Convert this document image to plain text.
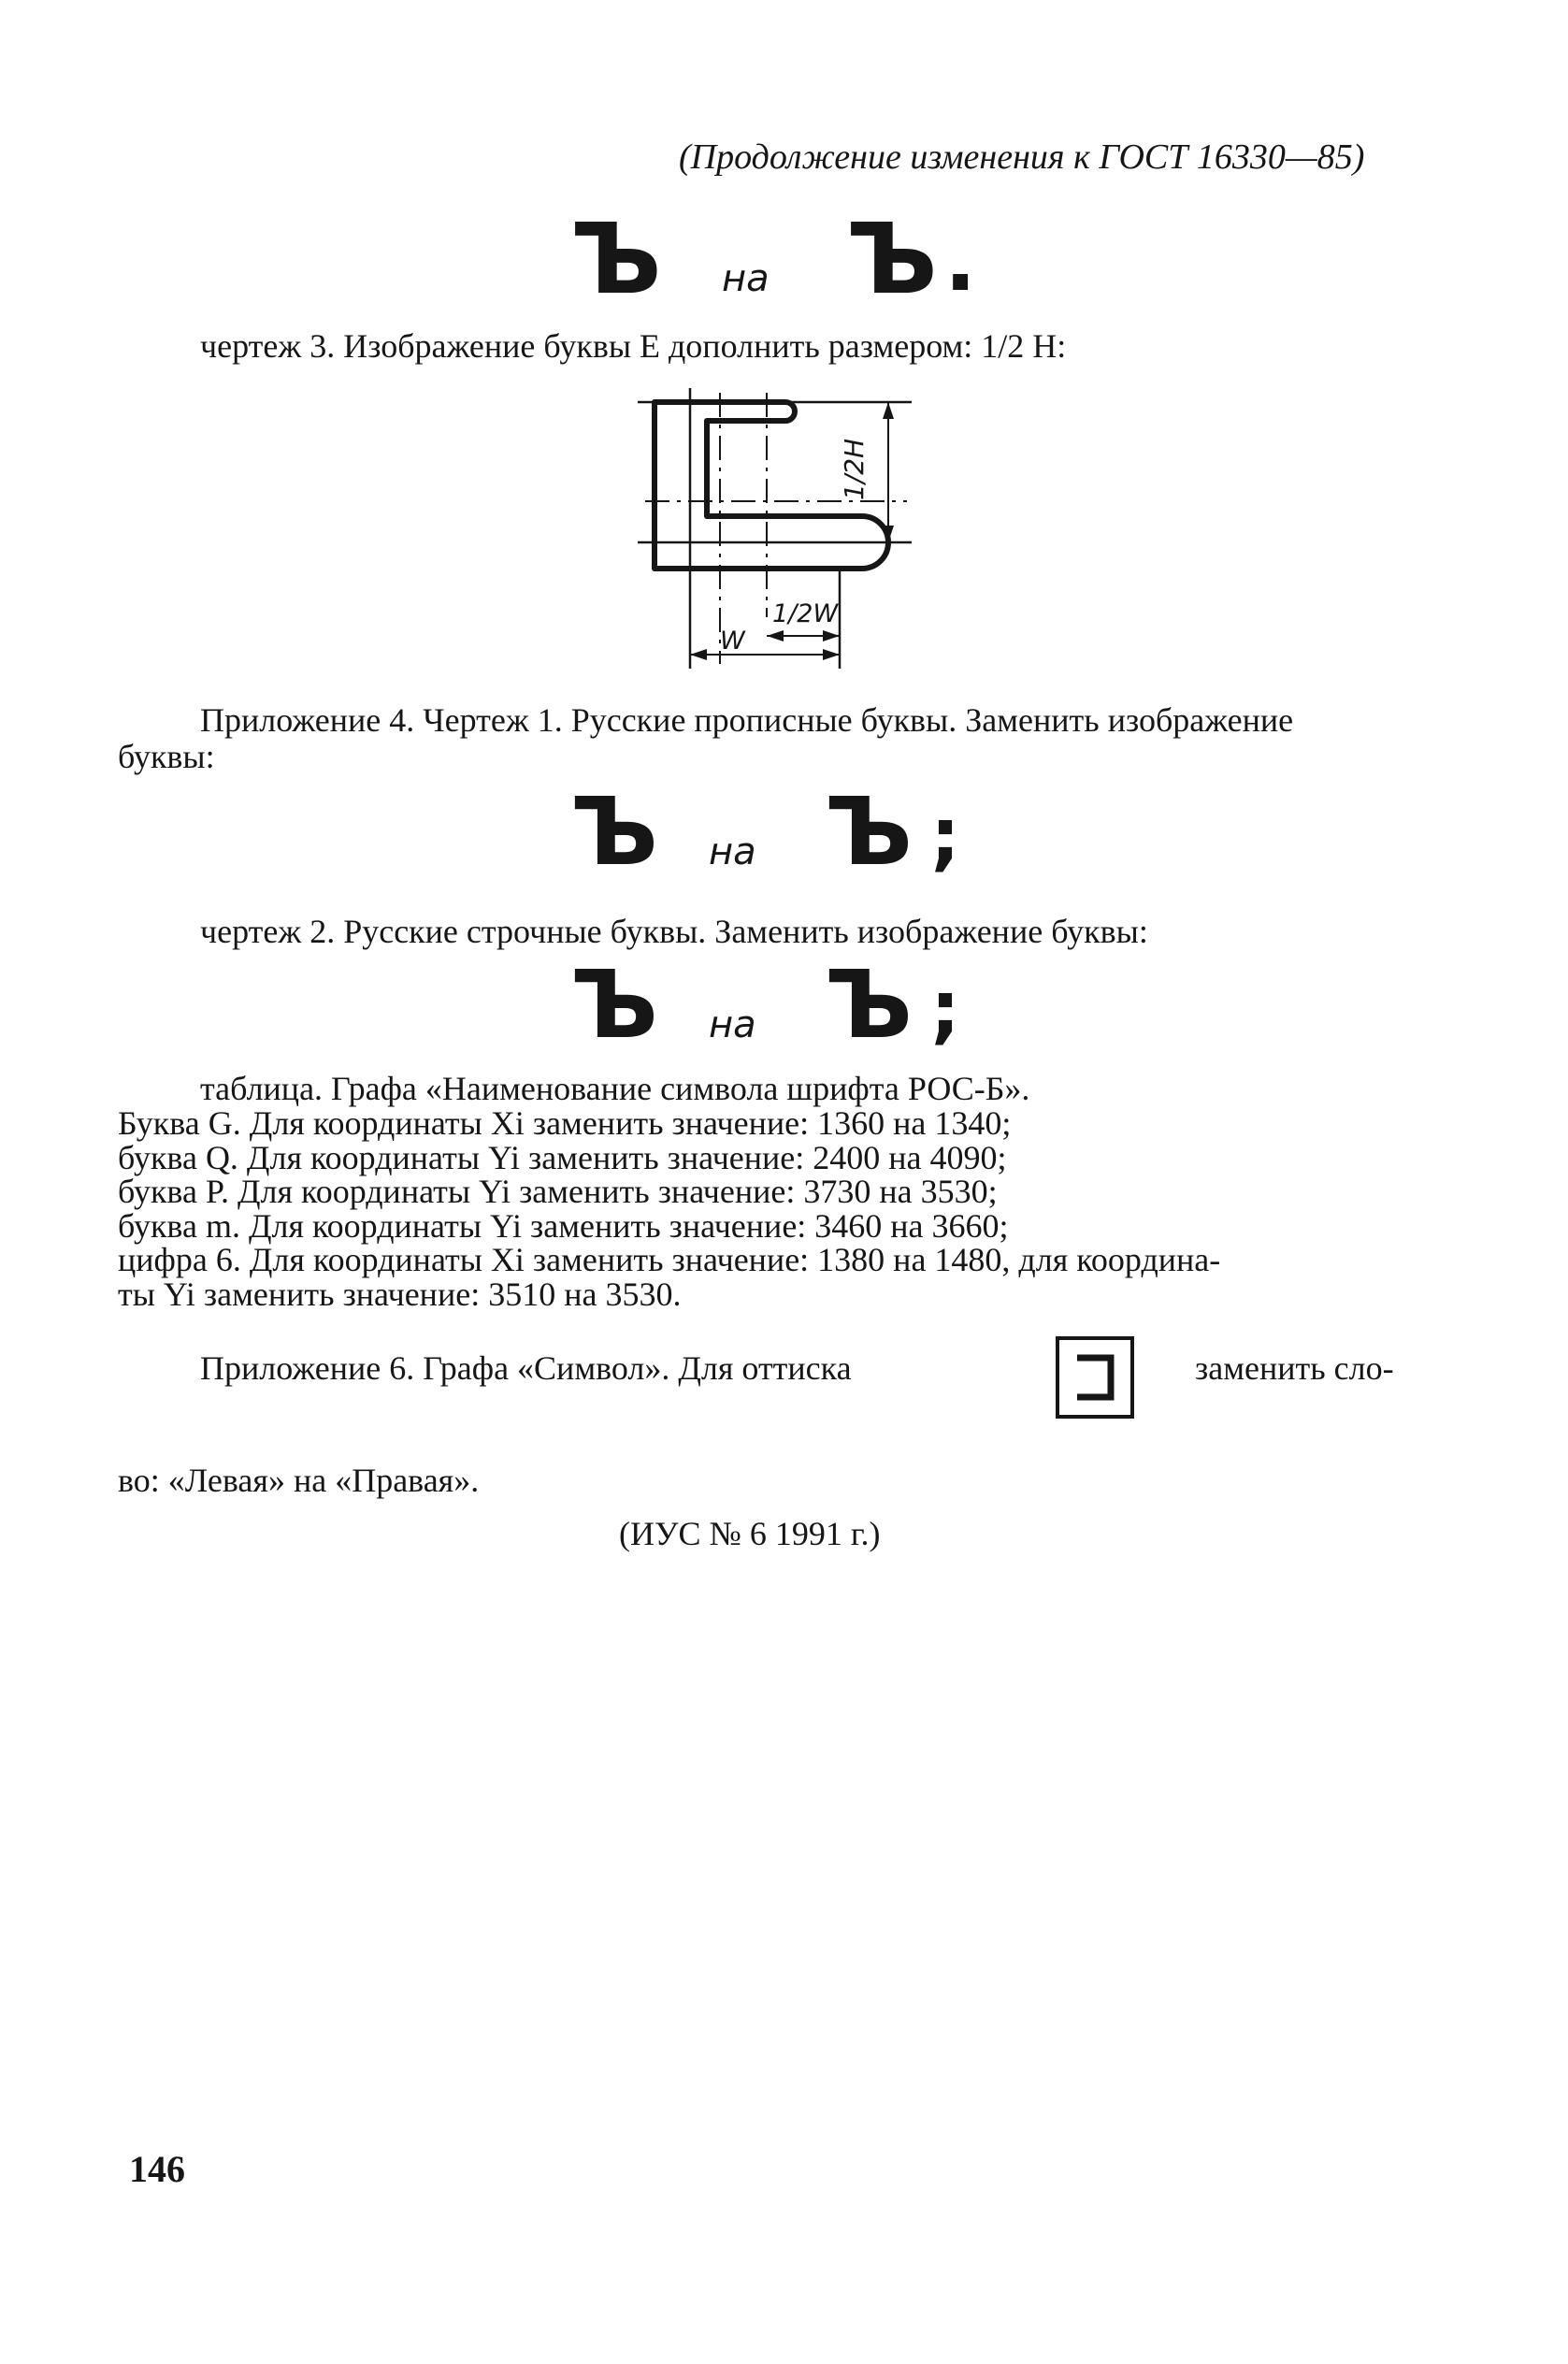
(Продолжение изменения к ГОСТ 16330—85)
Ъ на Ъ .
чертеж 3. Изображение буквы Е дополнить размером: 1/2 Н:
1/2H
1/2W
W
Приложение 4. Чертеж 1. Русские прописные буквы. Заменить изображение
буквы:
Ъ на Ъ ;
чертеж 2. Русские строчные буквы. Заменить изображение буквы:
Ъ на Ъ ;
таблица. Графа «Наименование символа шрифта РОС-Б».
Буква G. Для координаты Xi заменить значение: 1360 на 1340;
буква Q. Для координаты Yi заменить значение: 2400 на 4090;
буква P. Для координаты Yi заменить значение: 3730 на 3530;
буква m. Для координаты Yi заменить значение: 3460 на 3660;
цифра 6. Для координаты Xi заменить значение: 1380 на 1480, для координа-
ты Yi заменить значение: 3510 на 3530.
Приложение 6. Графа «Символ». Для оттиска	заменить сло-
во: «Левая» на «Правая».
(ИУС № 6 1991 г.)
146
